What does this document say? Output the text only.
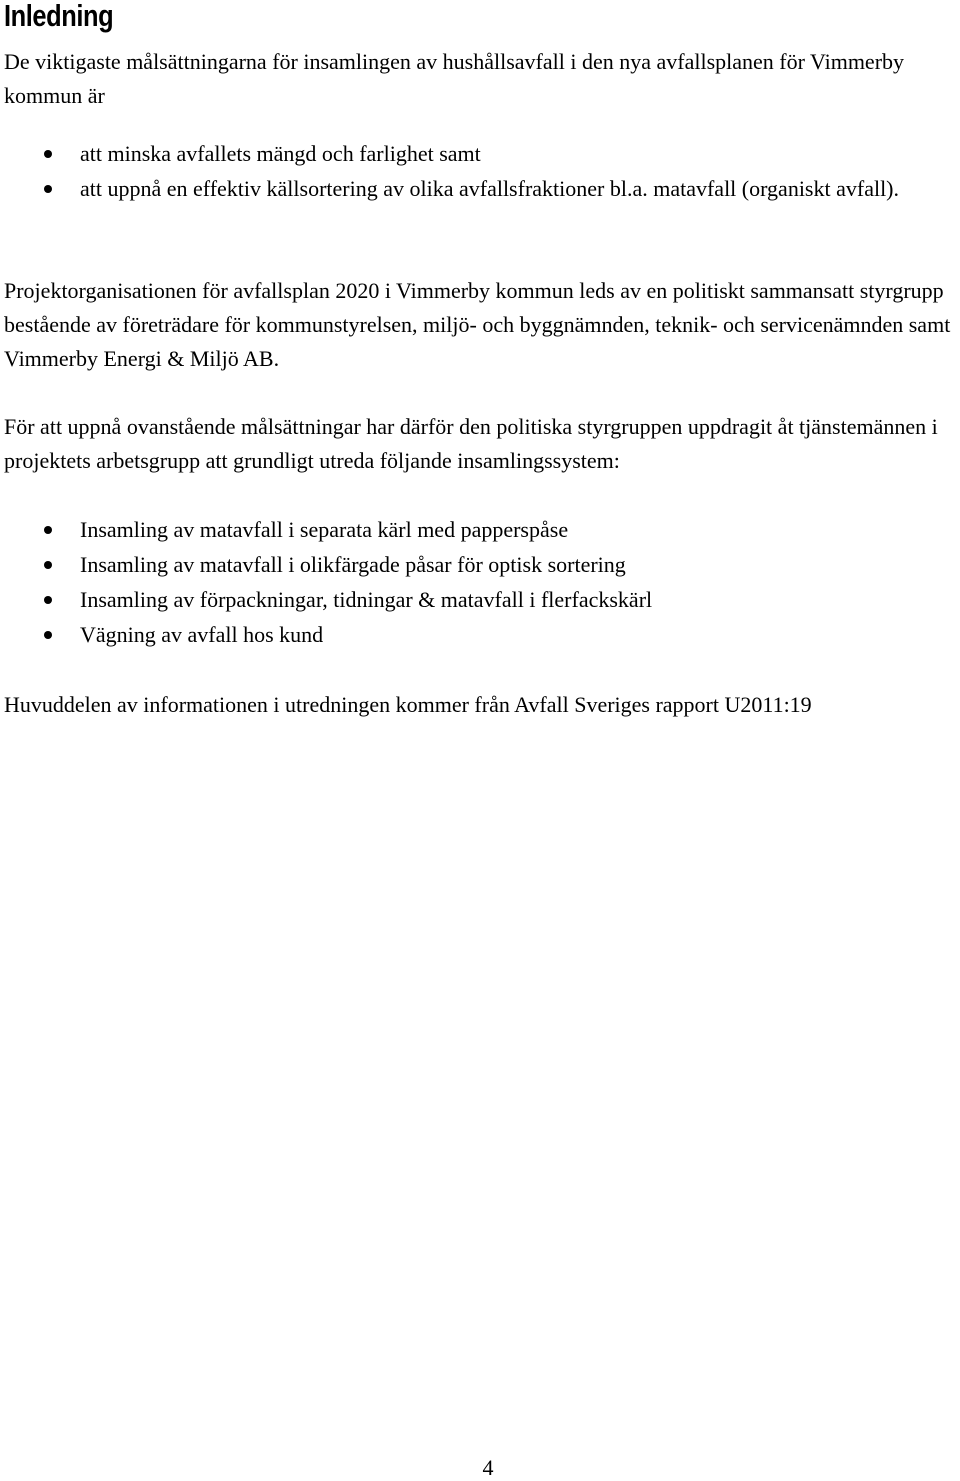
Inledning

De viktigaste målsättningarna för insamlingen av hushållsavfall i den nya avfallsplanen för Vimmerby kommun är

att minska avfallets mängd och farlighet samt
att uppnå en effektiv källsortering av olika avfallsfraktioner bl.a. matavfall (organiskt avfall).

Projektorganisationen för avfallsplan 2020 i Vimmerby kommun leds av en politiskt sammansatt styrgrupp bestående av företrädare för kommunstyrelsen, miljö- och byggnämnden, teknik- och servicenämnden samt Vimmerby Energi & Miljö AB.

För att uppnå ovanstående målsättningar har därför den politiska styrgruppen uppdragit åt tjänstemännen i projektets arbetsgrupp att grundligt utreda följande insamlingssystem:

Insamling av matavfall i separata kärl med papperspåse
Insamling av matavfall i olikfärgade påsar för optisk sortering
Insamling av förpackningar, tidningar & matavfall i flerfackskärl
Vägning av avfall hos kund

Huvuddelen av informationen i utredningen kommer från Avfall Sveriges rapport U2011:19

4
